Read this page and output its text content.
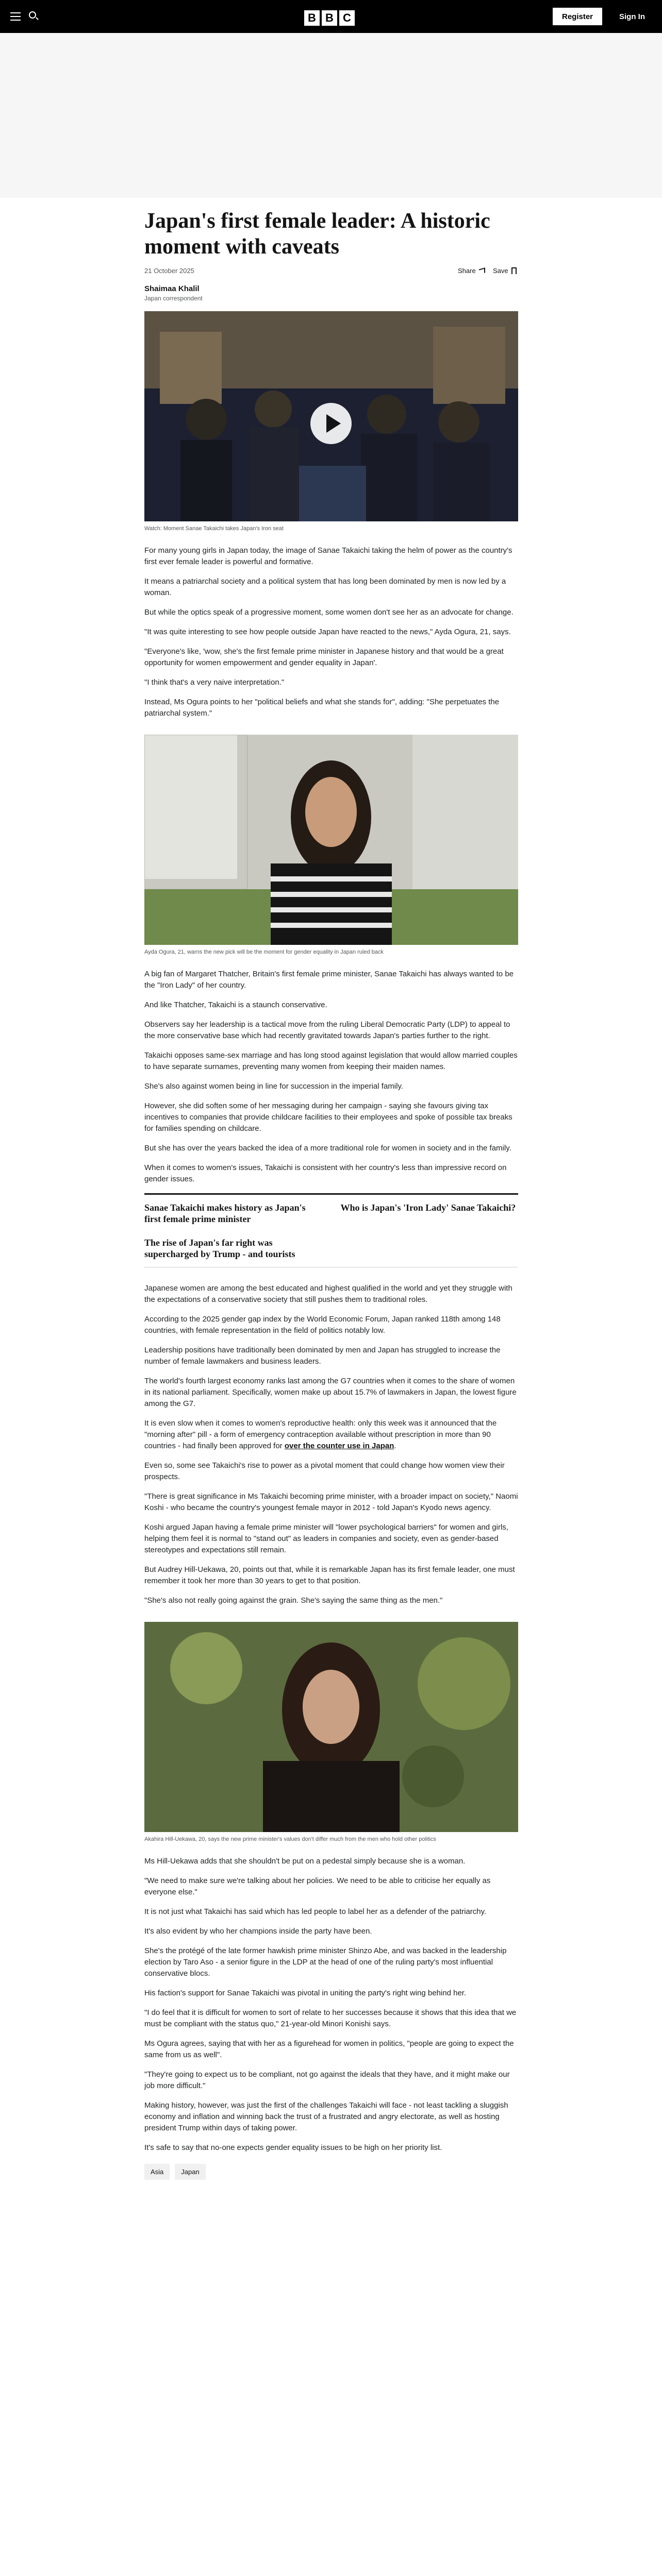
B B C	Register	Sign In
Japan's first female leader: A historic moment with caveats
21 October 2025	Share	Save
Shaimaa Khalil
Japan correspondent
Watch: Moment Sanae Takaichi takes Japan's Iron seat

For many young girls in Japan today, the image of Sanae Takaichi taking the helm of power as the country's first ever female leader is powerful and formative.

It means a patriarchal society and a political system that has long been dominated by men is now led by a woman.

But while the optics speak of a progressive moment, some women don't see her as an advocate for change.

"It was quite interesting to see how people outside Japan have reacted to the news," Ayda Ogura, 21, says.

"Everyone's like, 'wow, she's the first female prime minister in Japanese history and that would be a great opportunity for women empowerment and gender equality in Japan'.

"I think that's a very naive interpretation."

Instead, Ms Ogura points to her "political beliefs and what she stands for", adding: "She perpetuates the patriarchal system."

Ayda Ogura, 21, warns the new pick will be the moment for gender equality in Japan ruled back

A big fan of Margaret Thatcher, Britain's first female prime minister, Sanae Takaichi has always wanted to be the "Iron Lady" of her country.

And like Thatcher, Takaichi is a staunch conservative.

Observers say her leadership is a tactical move from the ruling Liberal Democratic Party (LDP) to appeal to the more conservative base which had recently gravitated towards Japan's parties further to the right.

Takaichi opposes same-sex marriage and has long stood against legislation that would allow married couples to have separate surnames, preventing many women from keeping their maiden names.

She's also against women being in line for succession in the imperial family.

However, she did soften some of her messaging during her campaign - saying she favours giving tax incentives to companies that provide childcare facilities to their employees and spoke of possible tax breaks for families spending on childcare.

But she has over the years backed the idea of a more traditional role for women in society and in the family.

When it comes to women's issues, Takaichi is consistent with her country's less than impressive record on gender issues.

Sanae Takaichi makes history as Japan's first female prime minister
Who is Japan's 'Iron Lady' Sanae Takaichi?
The rise of Japan's far right was supercharged by Trump - and tourists

Japanese women are among the best educated and highest qualified in the world and yet they struggle with the expectations of a conservative society that still pushes them to traditional roles.

According to the 2025 gender gap index by the World Economic Forum, Japan ranked 118th among 148 countries, with female representation in the field of politics notably low.

Leadership positions have traditionally been dominated by men and Japan has struggled to increase the number of female lawmakers and business leaders.

The world's fourth largest economy ranks last among the G7 countries when it comes to the share of women in its national parliament. Specifically, women make up about 15.7% of lawmakers in Japan, the lowest figure among the G7.

It is even slow when it comes to women's reproductive health: only this week was it announced that the "morning after" pill - a form of emergency contraception available without prescription in more than 90 countries - had finally been approved for over the counter use in Japan.

Even so, some see Takaichi's rise to power as a pivotal moment that could change how women view their prospects.

"There is great significance in Ms Takaichi becoming prime minister, with a broader impact on society," Naomi Koshi - who became the country's youngest female mayor in 2012 - told Japan's Kyodo news agency.

Koshi argued Japan having a female prime minister will "lower psychological barriers" for women and girls, helping them feel it is normal to "stand out" as leaders in companies and society, even as gender-based stereotypes and expectations still remain.

But Audrey Hill-Uekawa, 20, points out that, while it is remarkable Japan has its first female leader, one must remember it took her more than 30 years to get to that position.

"She's also not really going against the grain. She's saying the same thing as the men."

Akahira Hill-Uekawa, 20, says the new prime minister's values don't differ much from the men who hold other politics

Ms Hill-Uekawa adds that she shouldn't be put on a pedestal simply because she is a woman.

"We need to make sure we're talking about her policies. We need to be able to criticise her equally as everyone else."

It is not just what Takaichi has said which has led people to label her as a defender of the patriarchy.

It's also evident by who her champions inside the party have been.

She's the protégé of the late former hawkish prime minister Shinzo Abe, and was backed in the leadership election by Taro Aso - a senior figure in the LDP at the head of one of the ruling party's most influential conservative blocs.

His faction's support for Sanae Takaichi was pivotal in uniting the party's right wing behind her.

"I do feel that it is difficult for women to sort of relate to her successes because it shows that this idea that we must be compliant with the status quo," 21-year-old Minori Konishi says.

Ms Ogura agrees, saying that with her as a figurehead for women in politics, "people are going to expect the same from us as well".

"They're going to expect us to be compliant, not go against the ideals that they have, and it might make our job more difficult."

Making history, however, was just the first of the challenges Takaichi will face - not least tackling a sluggish economy and inflation and winning back the trust of a frustrated and angry electorate, as well as hosting president Trump within days of taking power.

It's safe to say that no-one expects gender equality issues to be high on her priority list.

Asia	Japan
